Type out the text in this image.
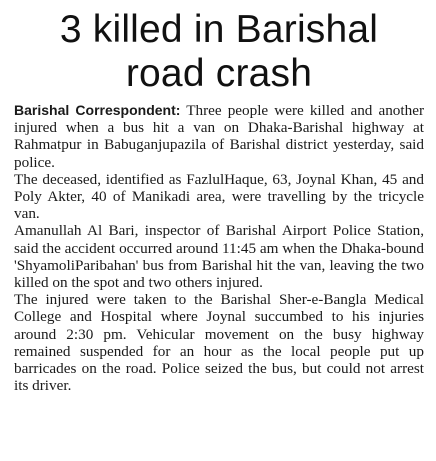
3 killed in Barishal
road crash

Barishal Correspondent: Three people were killed and another injured when a bus hit a van on Dhaka-Barishal highway at Rahmatpur in Babuganjupazila of Barishal district yesterday, said police.

The deceased, identified as FazlulHaque, 63, Joynal Khan, 45 and Poly Akter, 40 of Manikadi area, were travelling by the tricycle van.

Amanullah Al Bari, inspector of Barishal Airport Police Station, said the accident occurred around 11:45 am when the Dhaka-bound 'ShyamoliParibahan' bus from Barishal hit the van, leaving the two killed on the spot and two others injured.

The injured were taken to the Barishal Sher-e-Bangla Medical College and Hospital where Joynal succumbed to his injuries around 2:30 pm. Vehicular movement on the busy highway remained suspended for an hour as the local people put up barricades on the road. Police seized the bus, but could not arrest its driver.
